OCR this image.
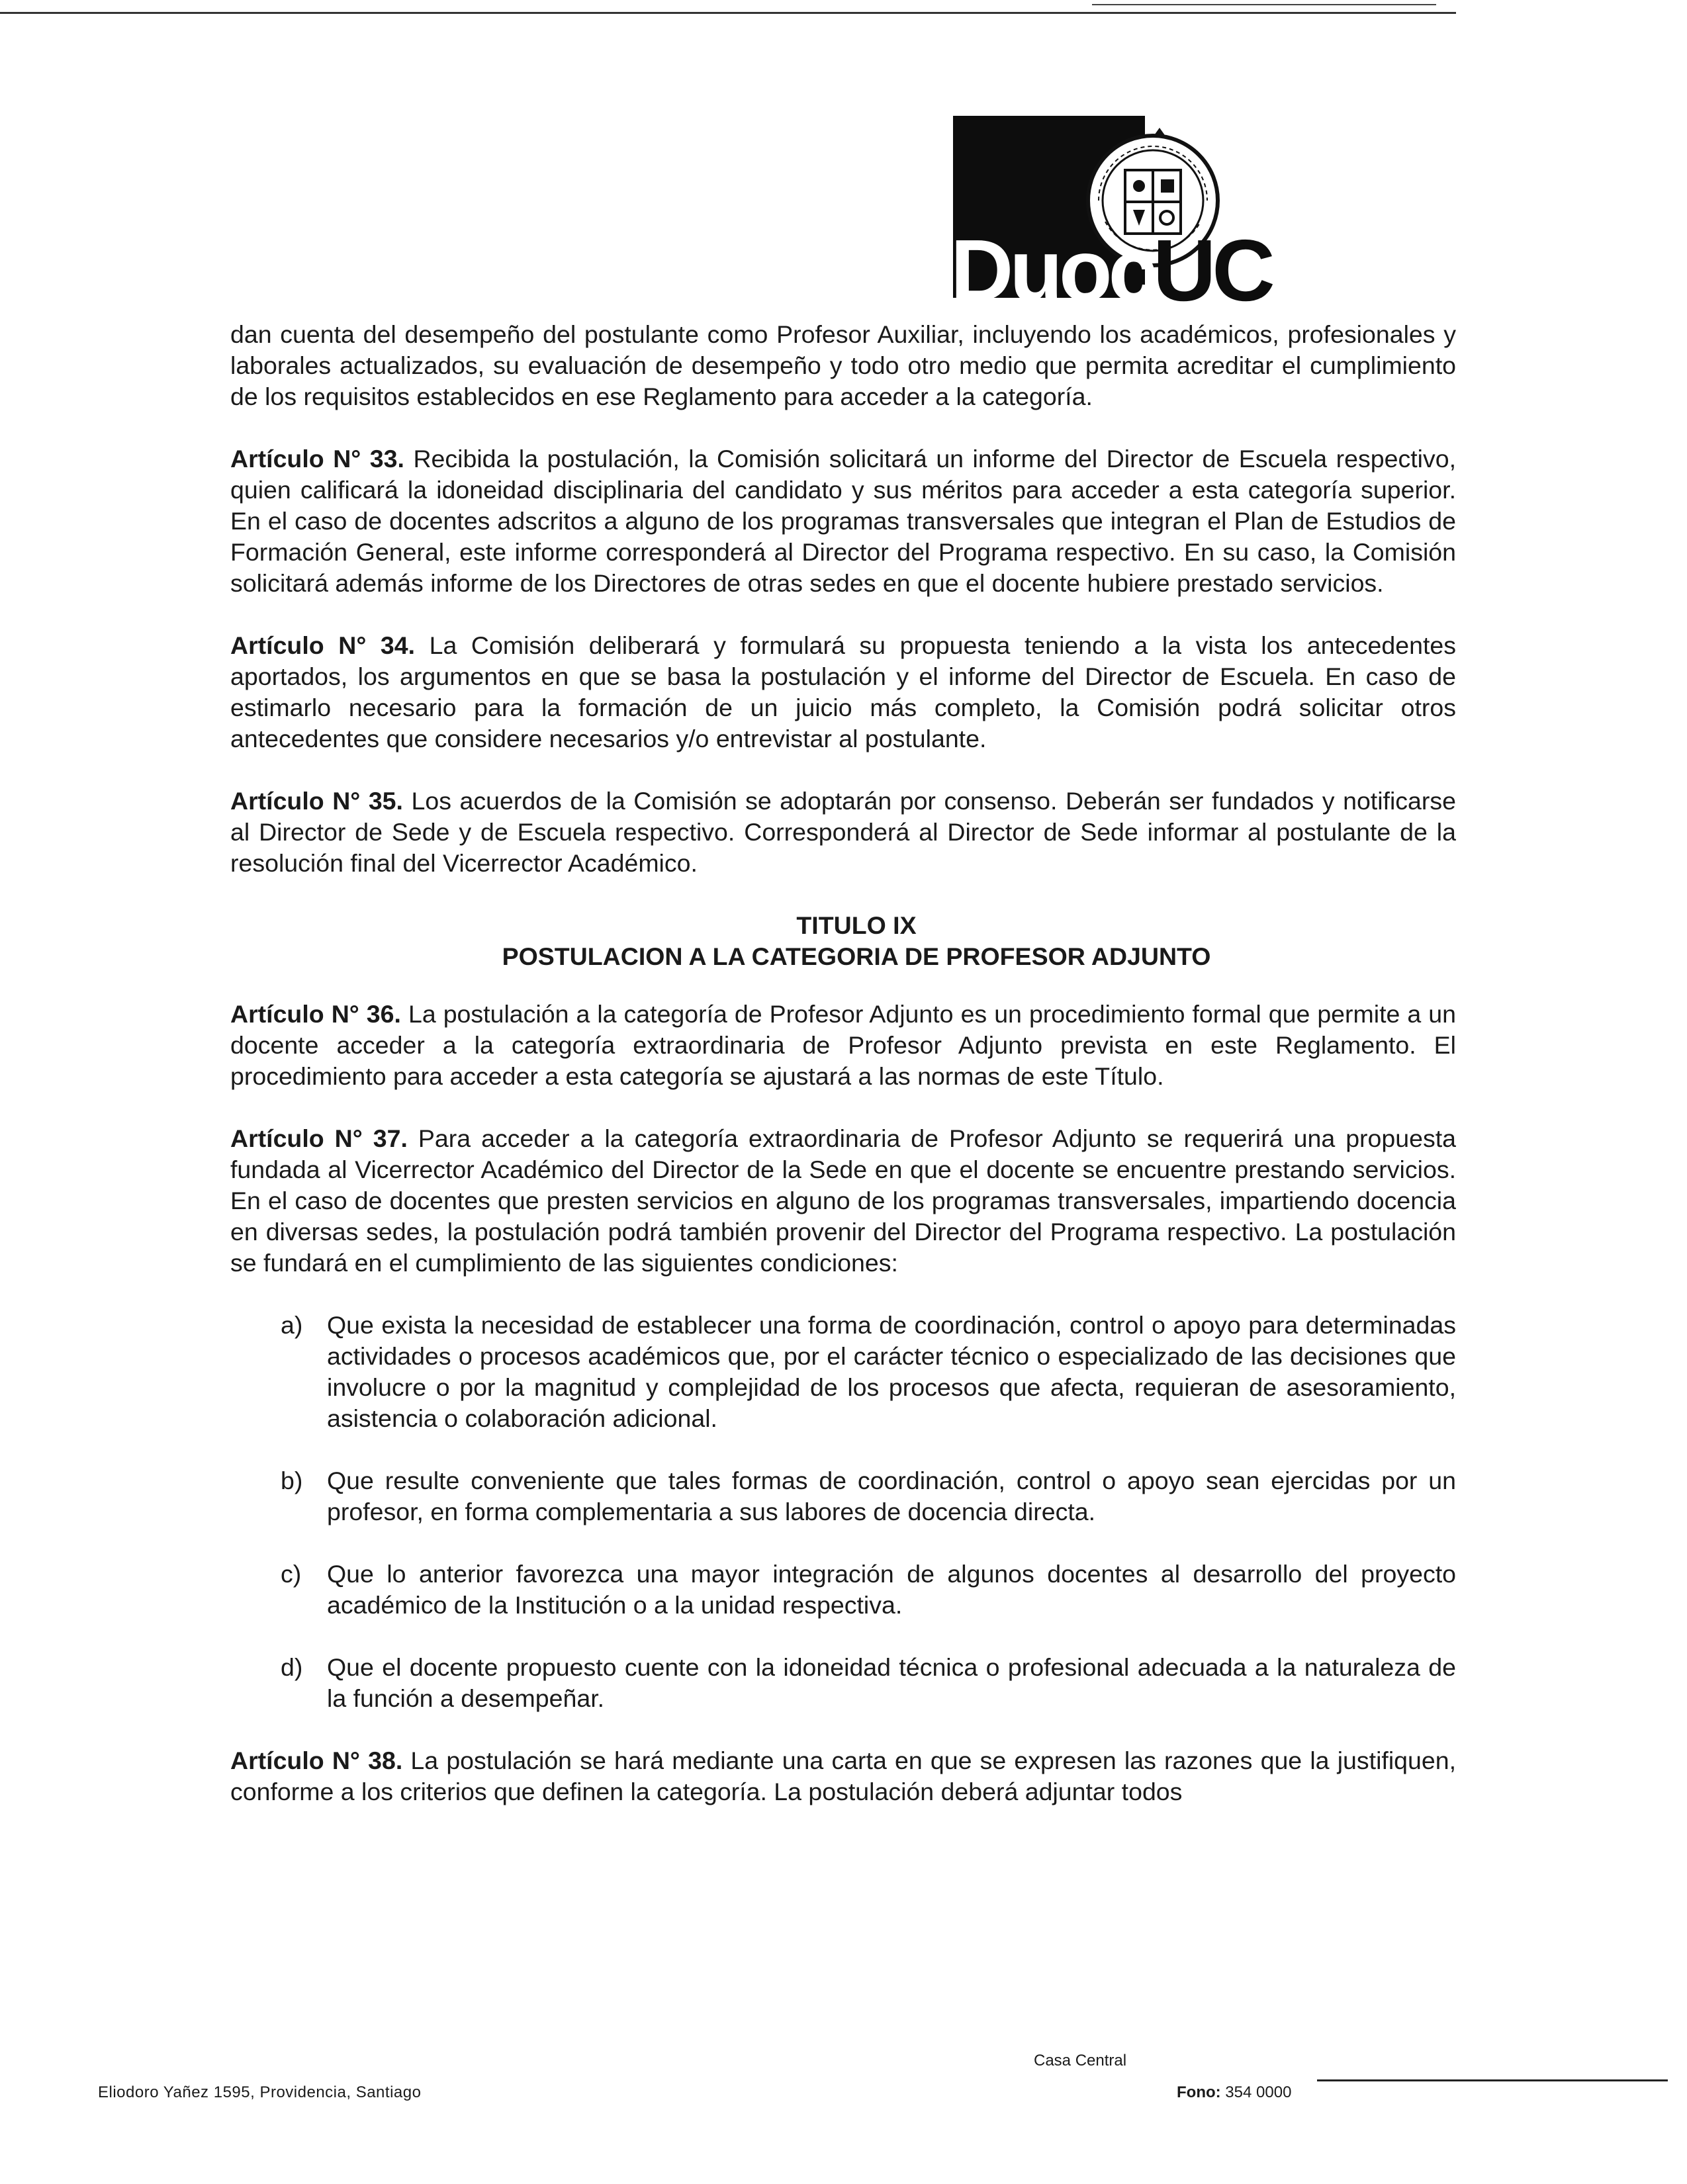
DuocUC

dan cuenta del desempeño del postulante como Profesor Auxiliar, incluyendo los académicos, profesionales y laborales actualizados, su evaluación de desempeño y todo otro medio que permita acreditar el cumplimiento de los requisitos establecidos en ese Reglamento para acceder a la categoría.

Artículo N° 33. Recibida la postulación, la Comisión solicitará un informe del Director de Escuela respectivo, quien calificará la idoneidad disciplinaria del candidato y sus méritos para acceder a esta categoría superior. En el caso de docentes adscritos a alguno de los programas transversales que integran el Plan de Estudios de Formación General, este informe corresponderá al Director del Programa respectivo. En su caso, la Comisión solicitará además informe de los Directores de otras sedes en que el docente hubiere prestado servicios.

Artículo N° 34. La Comisión deliberará y formulará su propuesta teniendo a la vista los antecedentes aportados, los argumentos en que se basa la postulación y el informe del Director de Escuela. En caso de estimarlo necesario para la formación de un juicio más completo, la Comisión podrá solicitar otros antecedentes que considere necesarios y/o entrevistar al postulante.

Artículo N° 35. Los acuerdos de la Comisión se adoptarán por consenso. Deberán ser fundados y notificarse al Director de Sede y de Escuela respectivo. Corresponderá al Director de Sede informar al postulante de la resolución final del Vicerrector Académico.

TITULO IX
POSTULACION A LA CATEGORIA DE PROFESOR ADJUNTO

Artículo N° 36. La postulación a la categoría de Profesor Adjunto es un procedimiento formal que permite a un docente acceder a la categoría extraordinaria de Profesor Adjunto prevista en este Reglamento. El procedimiento para acceder a esta categoría se ajustará a las normas de este Título.

Artículo N° 37. Para acceder a la categoría extraordinaria de Profesor Adjunto se requerirá una propuesta fundada al Vicerrector Académico del Director de la Sede en que el docente se encuentre prestando servicios. En el caso de docentes que presten servicios en alguno de los programas transversales, impartiendo docencia en diversas sedes, la postulación podrá también provenir del Director del Programa respectivo. La postulación se fundará en el cumplimiento de las siguientes condiciones:

a) Que exista la necesidad de establecer una forma de coordinación, control o apoyo para determinadas actividades o procesos académicos que, por el carácter técnico o especializado de las decisiones que involucre o por la magnitud y complejidad de los procesos que afecta, requieran de asesoramiento, asistencia o colaboración adicional.
b) Que resulte conveniente que tales formas de coordinación, control o apoyo sean ejercidas por un profesor, en forma complementaria a sus labores de docencia directa.
c) Que lo anterior favorezca una mayor integración de algunos docentes al desarrollo del proyecto académico de la Institución o a la unidad respectiva.
d) Que el docente propuesto cuente con la idoneidad técnica o profesional adecuada a la naturaleza de la función a desempeñar.

Artículo N° 38. La postulación se hará mediante una carta en que se expresen las razones que la justifiquen, conforme a los criterios que definen la categoría. La postulación deberá adjuntar todos

Casa Central
Eliodoro Yañez 1595, Providencia, Santiago	Fono: 354 0000
